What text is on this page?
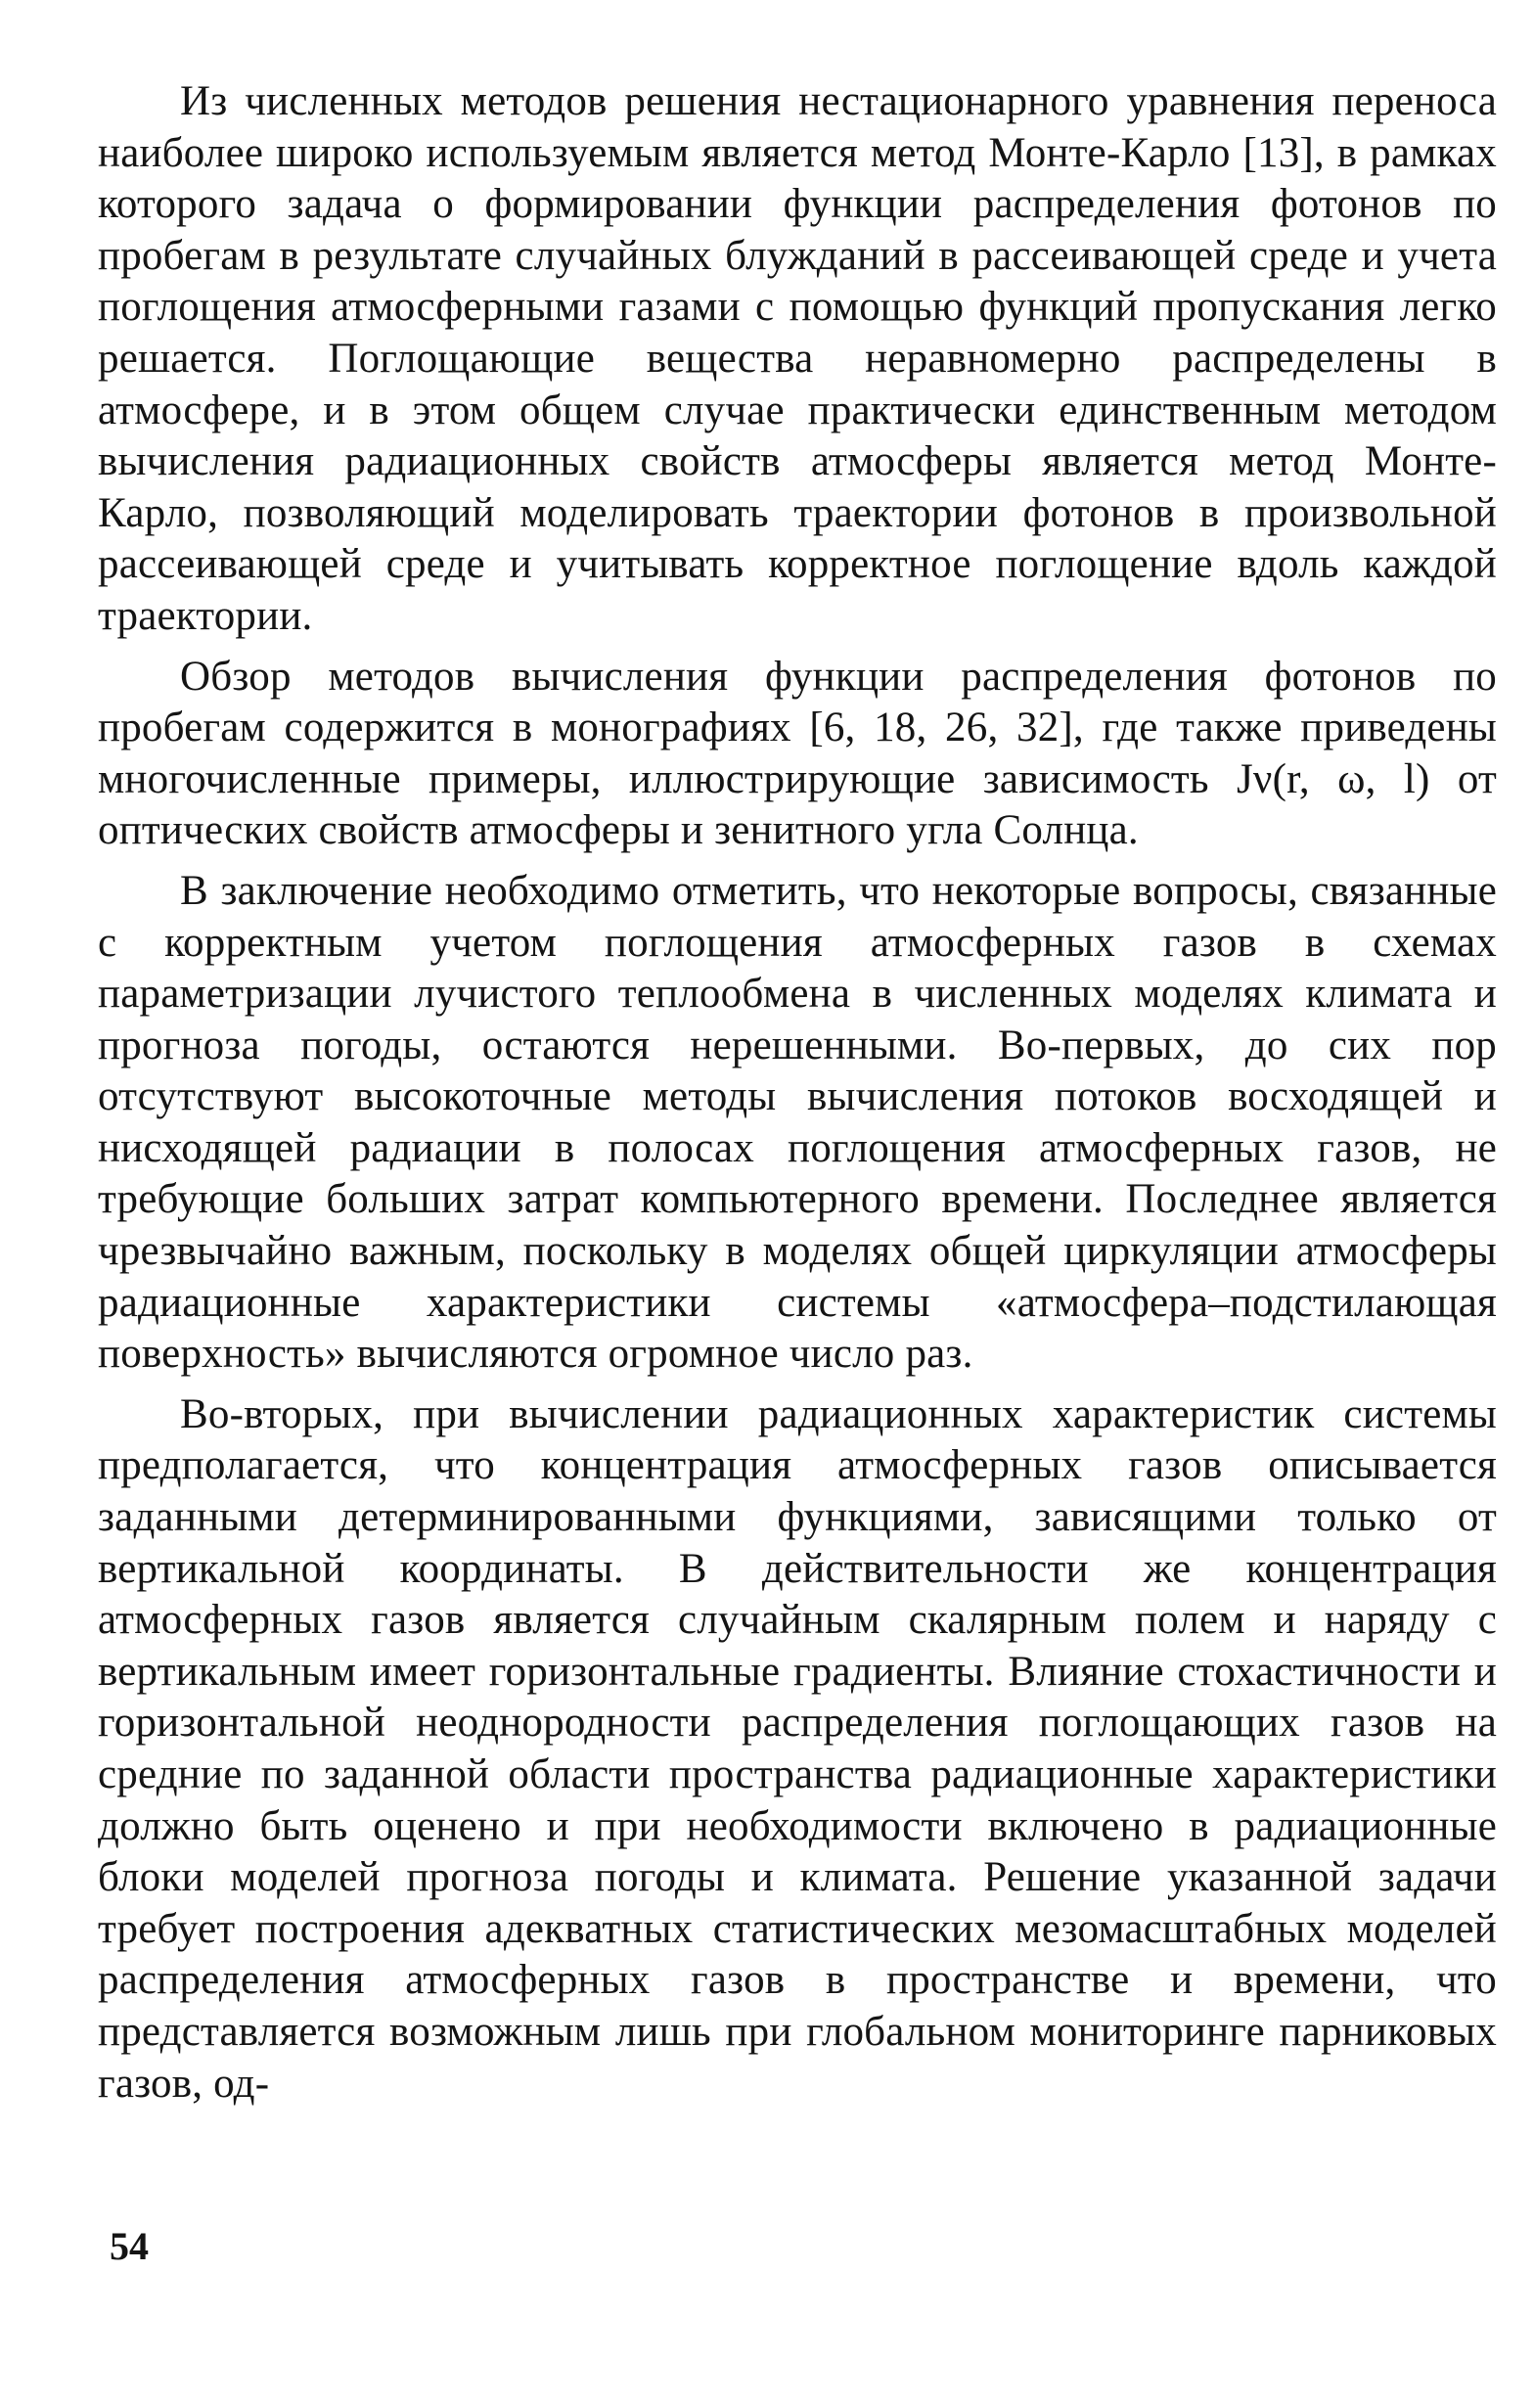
Из численных методов решения нестационарного уравнения переноса наиболее широко используемым является метод Монте-Карло [13], в рамках которого задача о формировании функции распределения фотонов по пробегам в результате случайных блужданий в рассеивающей среде и учета поглощения атмосферными газами с помощью функций пропускания легко решается. Поглощающие вещества неравномерно распределены в атмосфере, и в этом общем случае практически единственным методом вычисления радиационных свойств атмосферы является метод Монте-Карло, позволяющий моделировать траектории фотонов в произвольной рассеивающей среде и учитывать корректное поглощение вдоль каждой траектории.

Обзор методов вычисления функции распределения фотонов по пробегам содержится в монографиях [6, 18, 26, 32], где также приведены многочисленные примеры, иллюстрирующие зависимость Jν(r, ω, l) от оптических свойств атмосферы и зенитного угла Солнца.

В заключение необходимо отметить, что некоторые вопросы, связанные с корректным учетом поглощения атмосферных газов в схемах параметризации лучистого теплообмена в численных моделях климата и прогноза погоды, остаются нерешенными. Во-первых, до сих пор отсутствуют высокоточные методы вычисления потоков восходящей и нисходящей радиации в полосах поглощения атмосферных газов, не требующие больших затрат компьютерного времени. Последнее является чрезвычайно важным, поскольку в моделях общей циркуляции атмосферы радиационные характеристики системы «атмосфера–подстилающая поверхность» вычисляются огромное число раз.

Во-вторых, при вычислении радиационных характеристик системы предполагается, что концентрация атмосферных газов описывается заданными детерминированными функциями, зависящими только от вертикальной координаты. В действительности же концентрация атмосферных газов является случайным скалярным полем и наряду с вертикальным имеет горизонтальные градиенты. Влияние стохастичности и горизонтальной неоднородности распределения поглощающих газов на средние по заданной области пространства радиационные характеристики должно быть оценено и при необходимости включено в радиационные блоки моделей прогноза погоды и климата. Решение указанной задачи требует построения адекватных статистических мезомасштабных моделей распределения атмосферных газов в пространстве и времени, что представляется возможным лишь при глобальном мониторинге парниковых газов, од-

54
